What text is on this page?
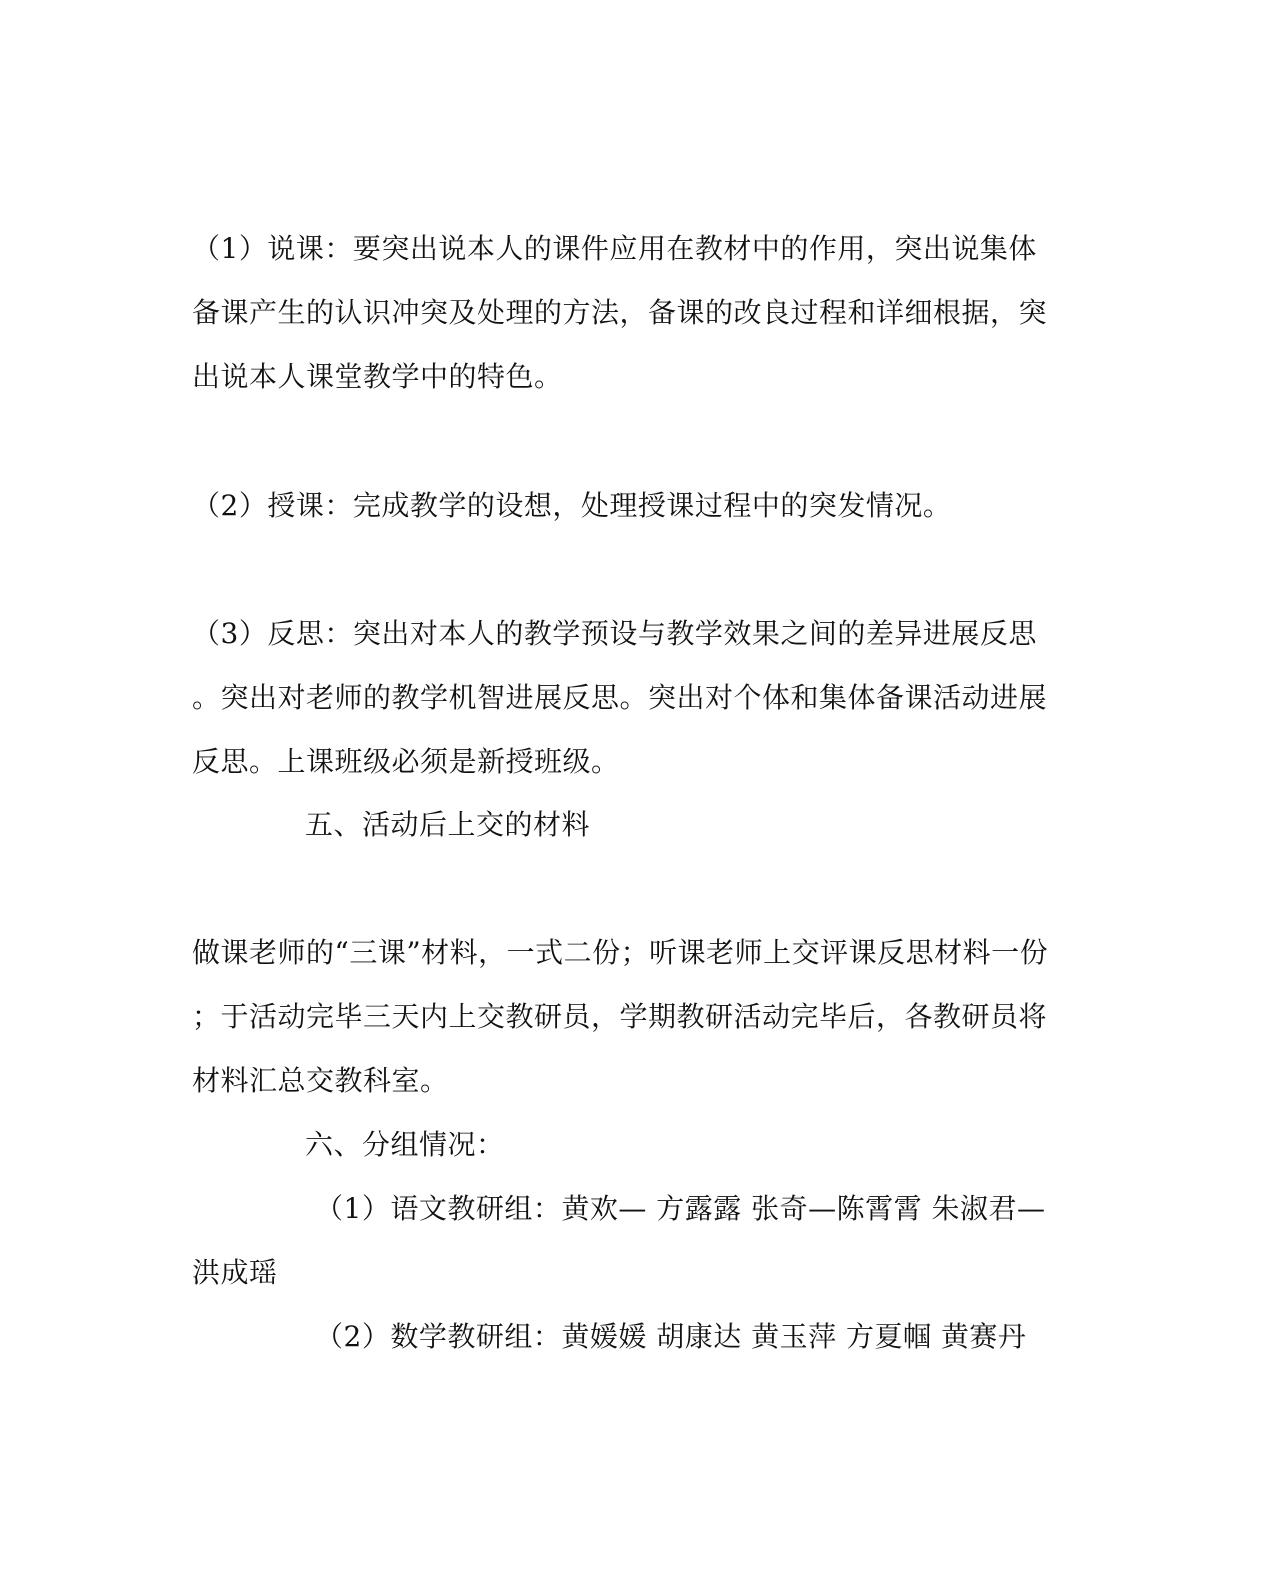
（1）说课：要突出说本人的课件应用在教材中的作用，突出说集体
备课产生的认识冲突及处理的方法，备课的改良过程和详细根据，突
出说本人课堂教学中的特色。
（2）授课：完成教学的设想，处理授课过程中的突发情况。
（3）反思：突出对本人的教学预设与教学效果之间的差异进展反思
。突出对老师的教学机智进展反思。突出对个体和集体备课活动进展
反思。上课班级必须是新授班级。
五、活动后上交的材料
做课老师的“三课”材料，一式二份；听课老师上交评课反思材料一份
；于活动完毕三天内上交教研员，学期教研活动完毕后，各教研员将
材料汇总交教科室。
六、分组情况：
（1）语文教研组：黄欢— 方露露 张奇—陈霄霄 朱淑君—
洪成瑶
（2）数学教研组：黄媛媛 胡康达 黄玉萍 方夏帼 黄赛丹
